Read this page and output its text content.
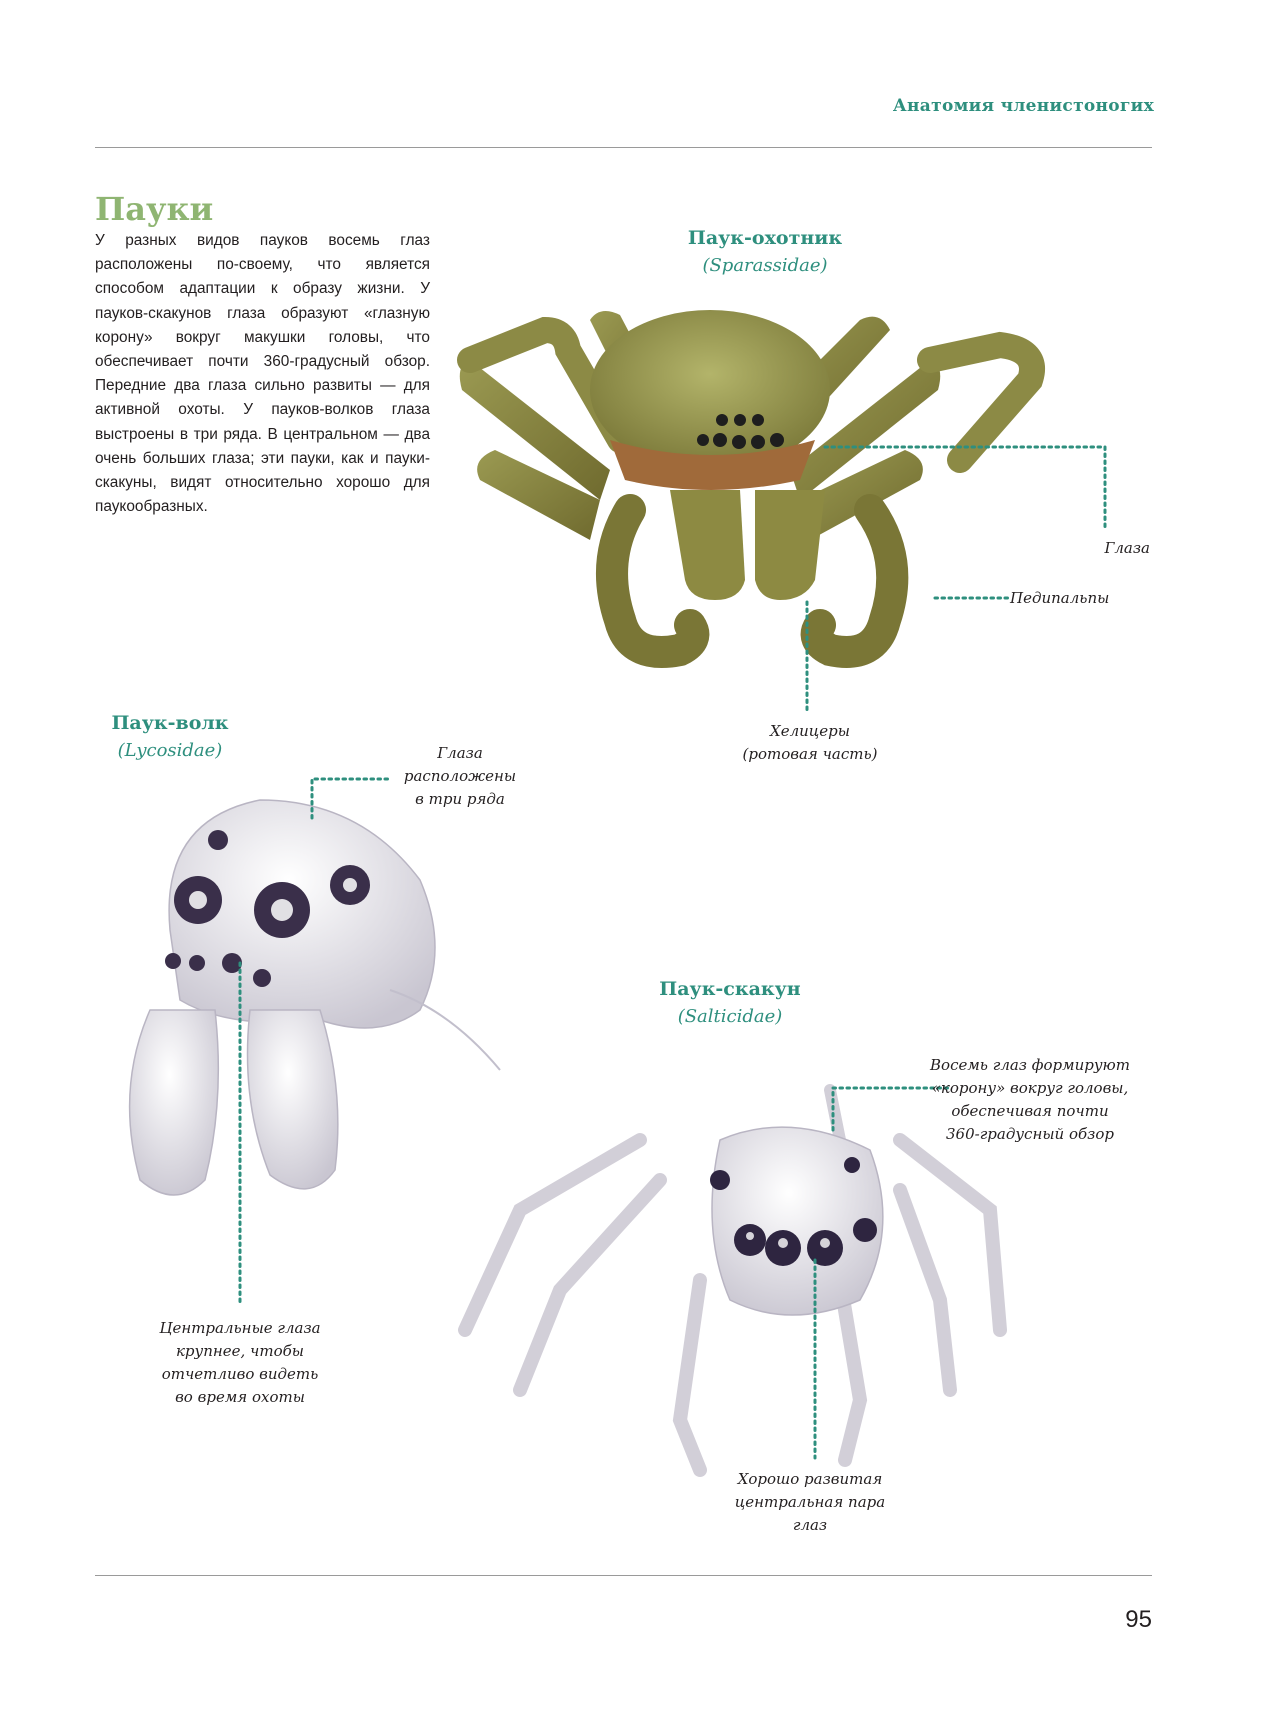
Анатомия членистоногих
Пауки
У разных видов пауков восемь глаз расположены по-своему, что является способом адаптации к образу жизни. У пауков-скакунов глаза образуют «глазную корону» вокруг макушки головы, что обеспечивает почти 360-градусный обзор. Передние два глаза сильно развиты — для активной охоты. У пауков-волков глаза выстроены в три ряда. В центральном — два очень больших глаза; эти пауки, как и пауки-скакуны, видят относительно хорошо для паукообразных.
Паук-охотник
(Sparassidae)
Глаза
Педипальпы
Хелицеры
(ротовая часть)
Паук-волк
(Lycosidae)	Глаза
расположены
в три ряда
Центральные глаза
крупнее, чтобы
отчетливо видеть
во время охоты
Паук-скакун
(Salticidae)
Восемь глаз формируют
«корону» вокруг головы,
обеспечивая почти
360-градусный обзор
Хорошо развитая
центральная пара
глаз
95
